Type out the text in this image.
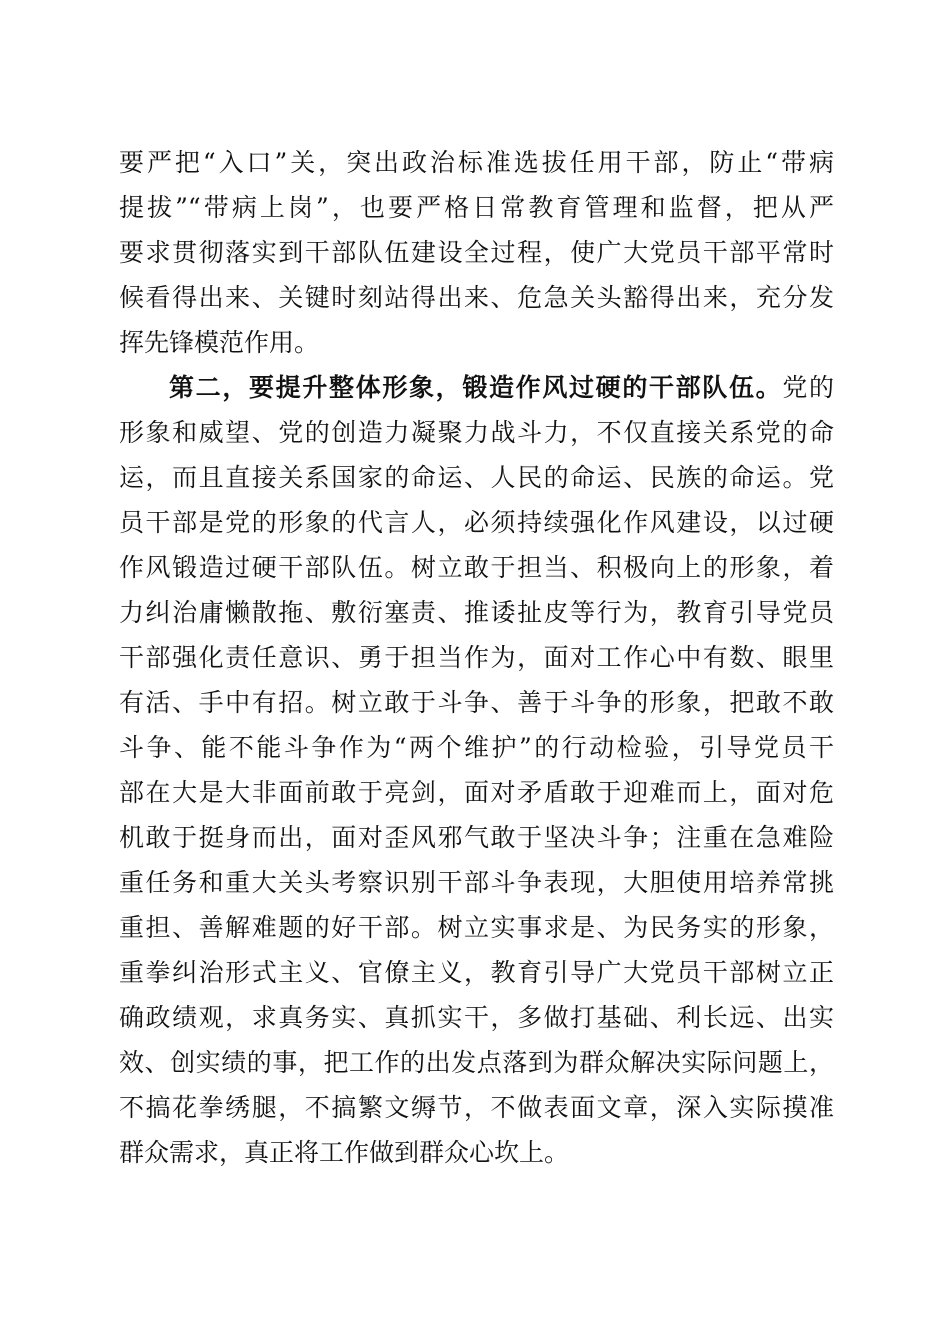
要严把“入口”关，突出政治标准选拔任用干部，防止“带病
提拔”“带病上岗”，也要严格日常教育管理和监督，把从严
要求贯彻落实到干部队伍建设全过程，使广大党员干部平常时
候看得出来、关键时刻站得出来、危急关头豁得出来，充分发
挥先锋模范作用。
第二，要提升整体形象，锻造作风过硬的干部队伍。党的
形象和威望、党的创造力凝聚力战斗力，不仅直接关系党的命
运，而且直接关系国家的命运、人民的命运、民族的命运。党
员干部是党的形象的代言人，必须持续强化作风建设，以过硬
作风锻造过硬干部队伍。树立敢于担当、积极向上的形象，着
力纠治庸懒散拖、敷衍塞责、推诿扯皮等行为，教育引导党员
干部强化责任意识、勇于担当作为，面对工作心中有数、眼里
有活、手中有招。树立敢于斗争、善于斗争的形象，把敢不敢
斗争、能不能斗争作为“两个维护”的行动检验，引导党员干
部在大是大非面前敢于亮剑，面对矛盾敢于迎难而上，面对危
机敢于挺身而出，面对歪风邪气敢于坚决斗争；注重在急难险
重任务和重大关头考察识别干部斗争表现，大胆使用培养常挑
重担、善解难题的好干部。树立实事求是、为民务实的形象，
重拳纠治形式主义、官僚主义，教育引导广大党员干部树立正
确政绩观，求真务实、真抓实干，多做打基础、利长远、出实
效、创实绩的事，把工作的出发点落到为群众解决实际问题上，
不搞花拳绣腿，不搞繁文缛节，不做表面文章，深入实际摸准
群众需求，真正将工作做到群众心坎上。
